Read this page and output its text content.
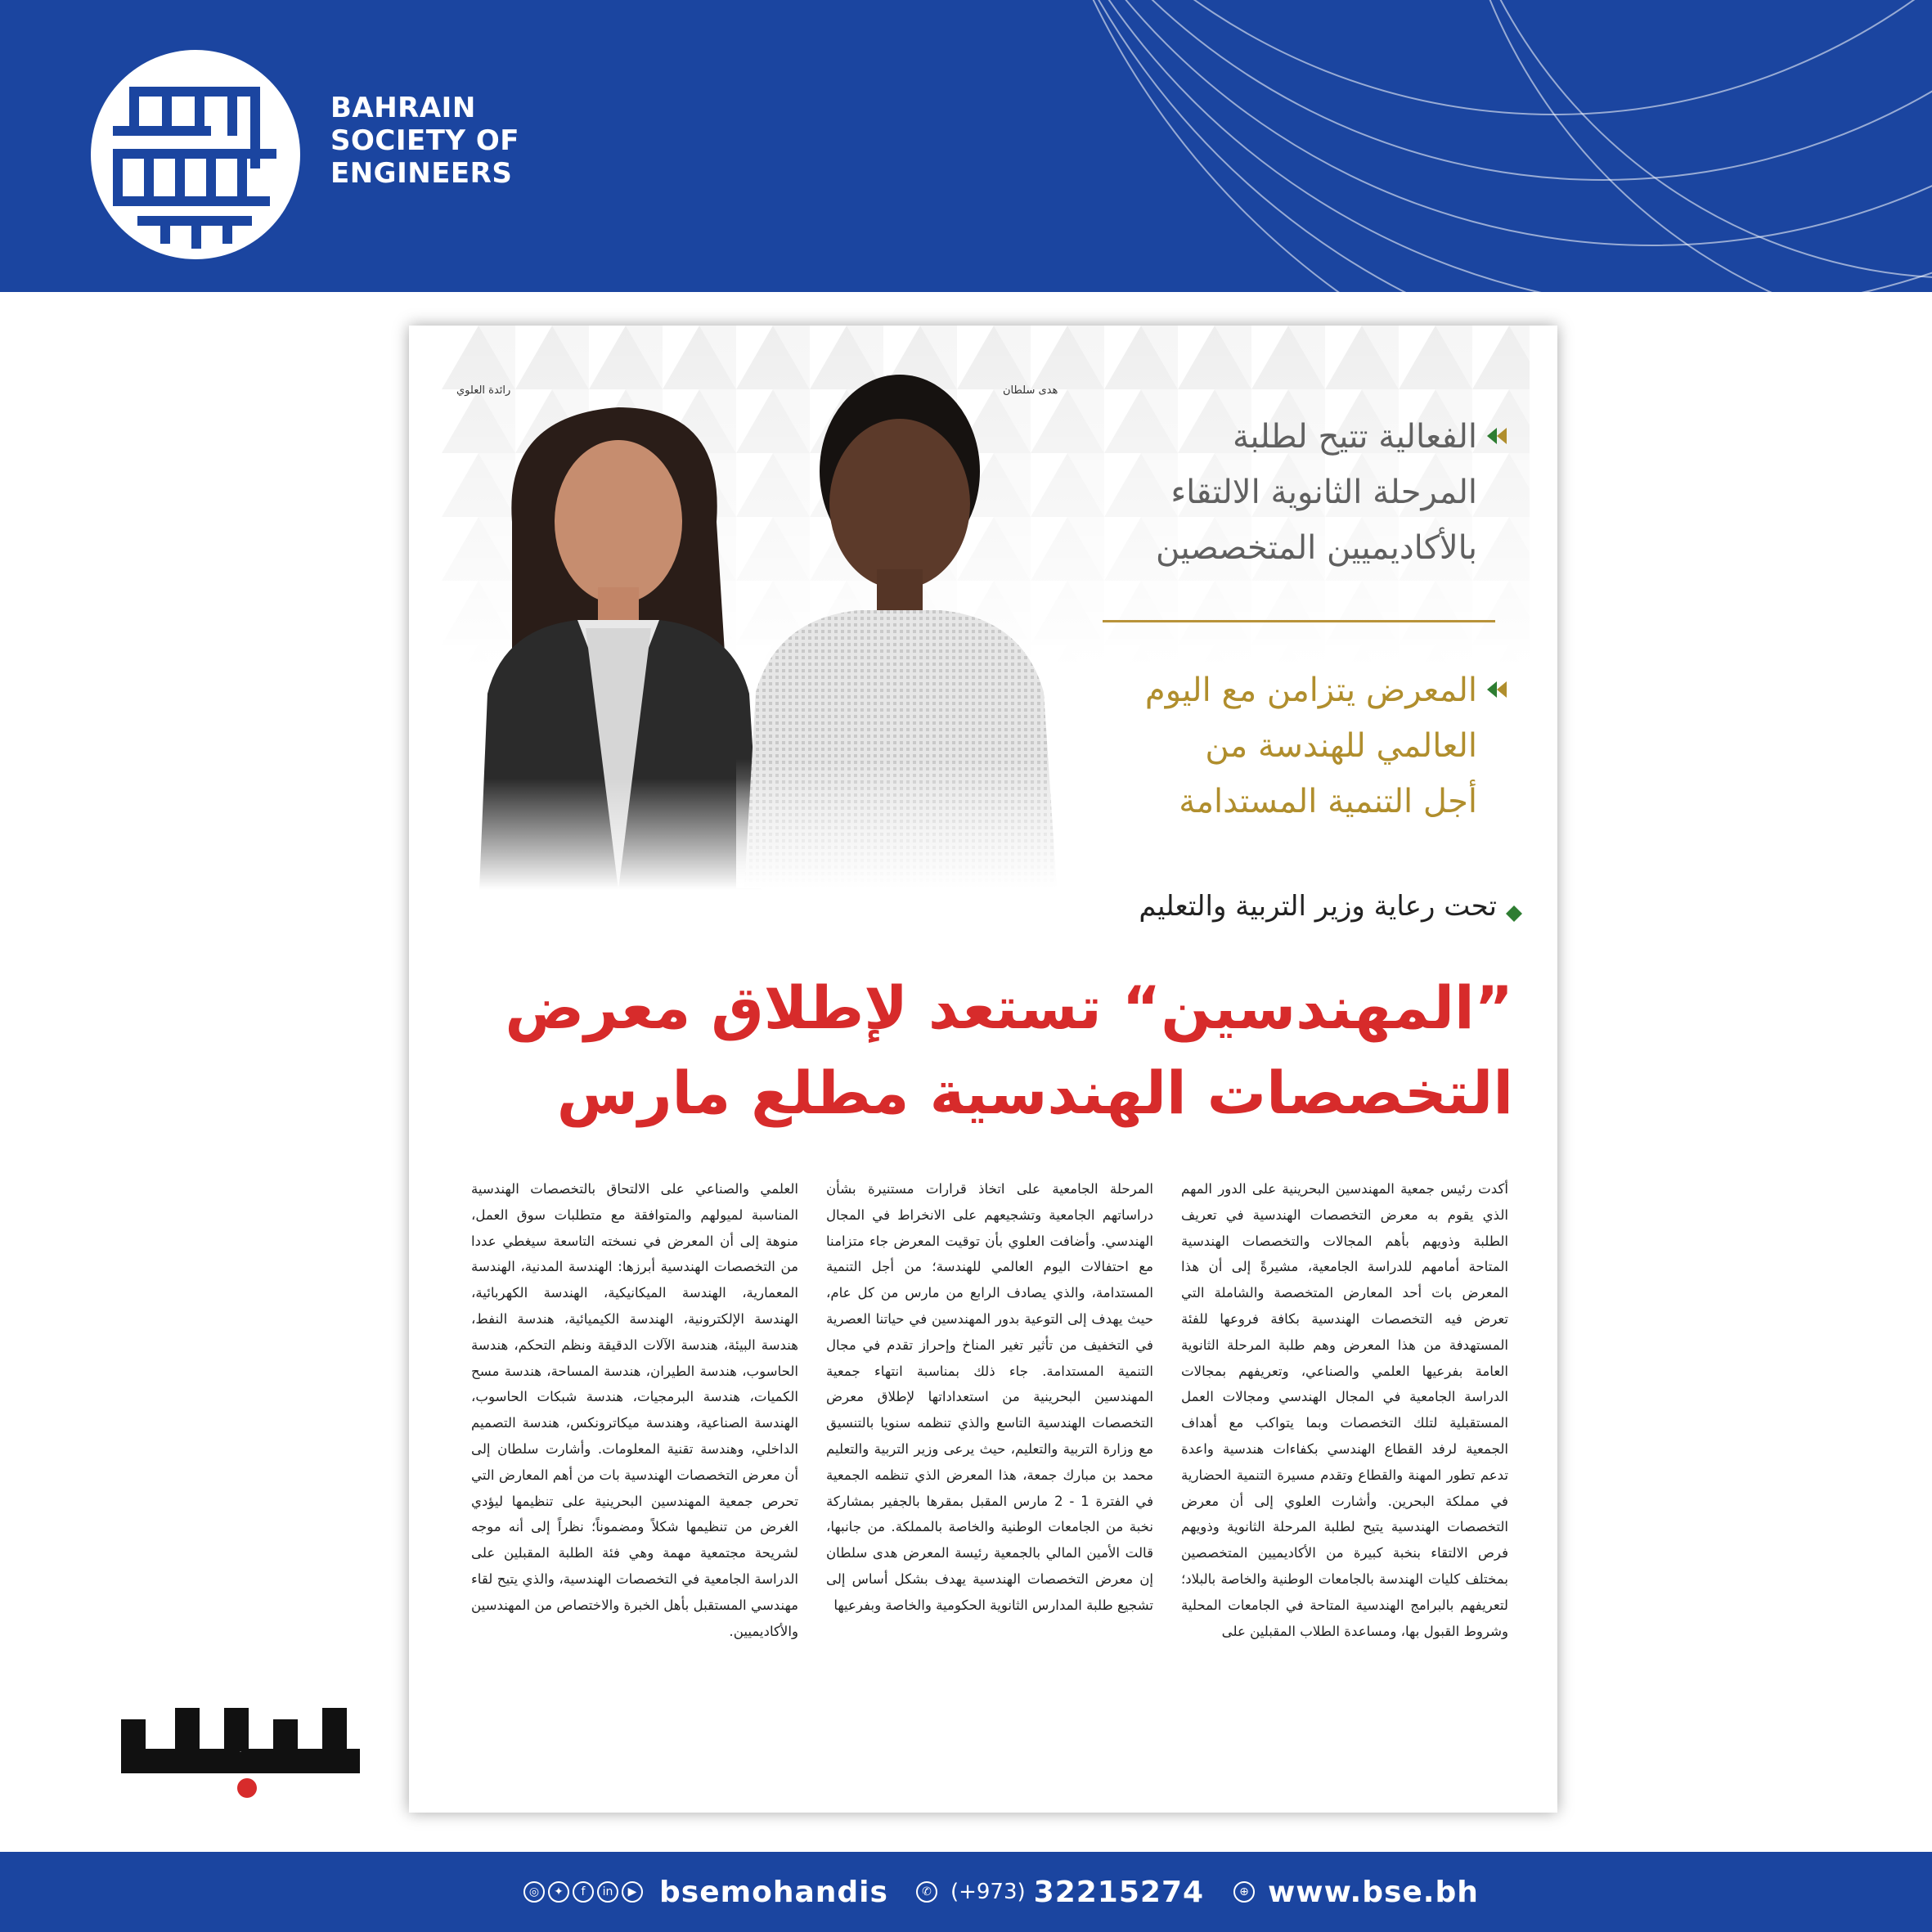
BAHRAIN
SOCIETY OF
ENGINEERS
رائدة العلوي	هدى سلطان
الفعالية تتيح لطلبة
المرحلة الثانوية الالتقاء
بالأكاديميين المتخصصين
المعرض يتزامن مع اليوم
العالمي للهندسة من
أجل التنمية المستدامة
تحت رعاية وزير التربية والتعليم
”المهندسين“ تستعد لإطلاق معرض
التخصصات الهندسية مطلع مارس
أكدت رئيس جمعية المهندسين البحرينية على الدور المهم الذي يقوم به معرض التخصصات الهندسية في تعريف الطلبة وذويهم بأهم المجالات والتخصصات الهندسية المتاحة أمامهم للدراسة الجامعية، مشيرةً إلى أن هذا المعرض بات أحد المعارض المتخصصة والشاملة التي تعرض فيه التخصصات الهندسية بكافة فروعها للفئة المستهدفة من هذا المعرض وهم طلبة المرحلة الثانوية العامة بفرعيها العلمي والصناعي، وتعريفهم بمجالات الدراسة الجامعية في المجال الهندسي ومجالات العمل المستقبلية لتلك التخصصات وبما يتواكب مع أهداف الجمعية لرفد القطاع الهندسي بكفاءات هندسية واعدة تدعم تطور المهنة والقطاع وتقدم مسيرة التنمية الحضارية في مملكة البحرين. وأشارت العلوي إلى أن معرض التخصصات الهندسية يتيح لطلبة المرحلة الثانوية وذويهم فرص الالتقاء بنخبة كبيرة من الأكاديميين المتخصصين بمختلف كليات الهندسة بالجامعات الوطنية والخاصة بالبلاد؛ لتعريفهم بالبرامج الهندسية المتاحة في الجامعات المحلية وشروط القبول بها، ومساعدة الطلاب المقبلين على
المرحلة الجامعية على اتخاذ قرارات مستنيرة بشأن دراساتهم الجامعية وتشجيعهم على الانخراط في المجال الهندسي. وأضافت العلوي بأن توقيت المعرض جاء متزامنا مع احتفالات اليوم العالمي للهندسة؛ من أجل التنمية المستدامة، والذي يصادف الرابع من مارس من كل عام، حيث يهدف إلى التوعية بدور المهندسين في حياتنا العصرية في التخفيف من تأثير تغير المناخ وإحراز تقدم في مجال التنمية المستدامة. جاء ذلك بمناسبة انتهاء جمعية المهندسين البحرينية من استعداداتها لإطلاق معرض التخصصات الهندسية التاسع والذي تنظمه سنويا بالتنسيق مع وزارة التربية والتعليم، حيث يرعى وزير التربية والتعليم محمد بن مبارك جمعة، هذا المعرض الذي تنظمه الجمعية في الفترة 1 - 2 مارس المقبل بمقرها بالجفير بمشاركة نخبة من الجامعات الوطنية والخاصة بالمملكة. من جانبها، قالت الأمين المالي بالجمعية رئيسة المعرض هدى سلطان إن معرض التخصصات الهندسية يهدف بشكل أساس إلى تشجيع طلبة المدارس الثانوية الحكومية والخاصة وبفرعيها
العلمي والصناعي على الالتحاق بالتخصصات الهندسية المناسبة لميولهم والمتوافقة مع متطلبات سوق العمل، منوهة إلى أن المعرض في نسخته التاسعة سيغطي عددا من التخصصات الهندسية أبرزها: الهندسة المدنية، الهندسة المعمارية، الهندسة الميكانيكية، الهندسة الكهربائية، الهندسة الإلكترونية، الهندسة الكيميائية، هندسة النفط، هندسة البيئة، هندسة الآلات الدقيقة ونظم التحكم، هندسة الحاسوب، هندسة الطيران، هندسة المساحة، هندسة مسح الكميات، هندسة البرمجيات، هندسة شبكات الحاسوب، الهندسة الصناعية، وهندسة ميكاترونكس، هندسة التصميم الداخلي، وهندسة تقنية المعلومات. وأشارت سلطان إلى أن معرض التخصصات الهندسية بات من أهم المعارض التي تحرص جمعية المهندسين البحرينية على تنظيمها ليؤدي الغرض من تنظيمها شكلاً ومضموناً؛ نظراً إلى أنه موجه لشريحة مجتمعية مهمة وهي فئة الطلبة المقبلين على الدراسة الجامعية في التخصصات الهندسية، والذي يتيح لقاء مهندسي المستقبل بأهل الخبرة والاختصاص من المهندسين والأكاديميين.
البلاد
◎	✦	f	in	▶ bsemohandis	✆ (+973) 32215274	⊕ www.bse.bh
